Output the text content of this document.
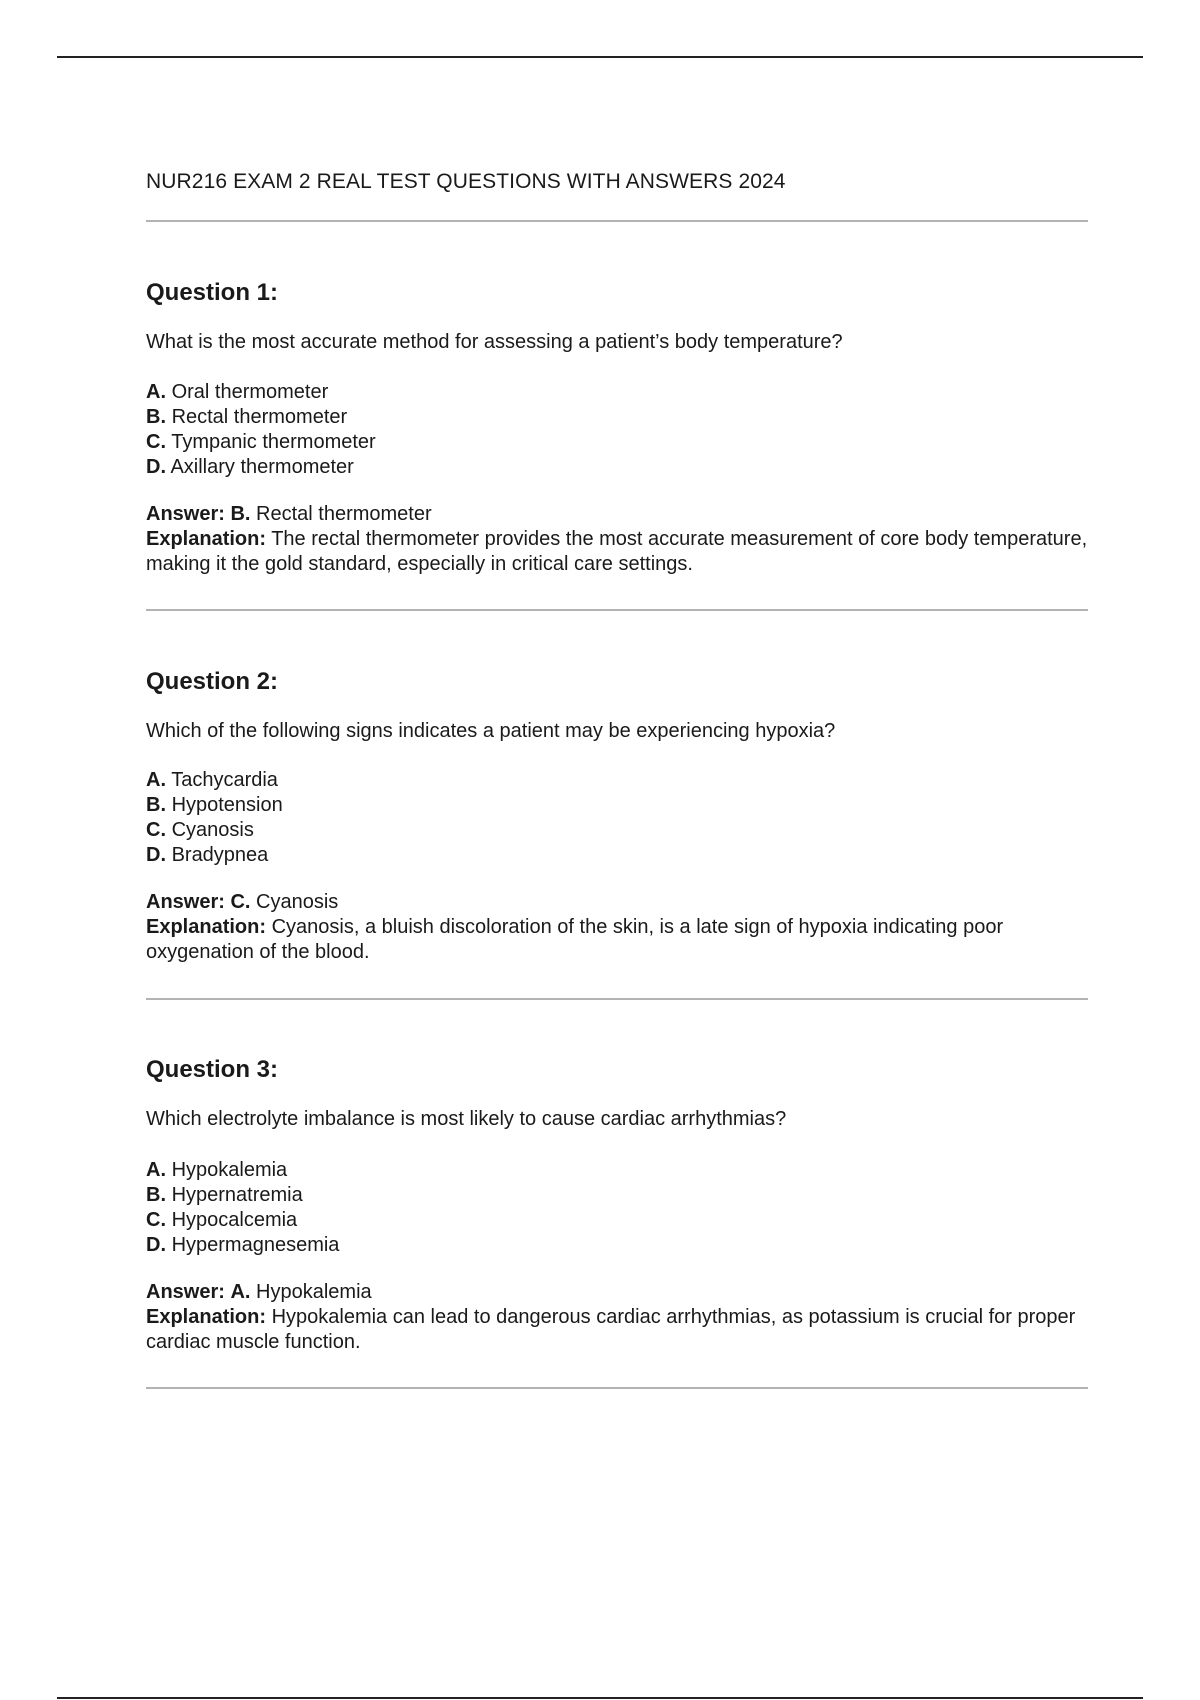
NUR216 EXAM 2 REAL TEST QUESTIONS WITH ANSWERS 2024
Question 1:
What is the most accurate method for assessing a patient’s body temperature?
A. Oral thermometer
B. Rectal thermometer
C. Tympanic thermometer
D. Axillary thermometer
Answer: B. Rectal thermometer
Explanation: The rectal thermometer provides the most accurate measurement of core body temperature, making it the gold standard, especially in critical care settings.
Question 2:
Which of the following signs indicates a patient may be experiencing hypoxia?
A. Tachycardia
B. Hypotension
C. Cyanosis
D. Bradypnea
Answer: C. Cyanosis
Explanation: Cyanosis, a bluish discoloration of the skin, is a late sign of hypoxia indicating poor oxygenation of the blood.
Question 3:
Which electrolyte imbalance is most likely to cause cardiac arrhythmias?
A. Hypokalemia
B. Hypernatremia
C. Hypocalcemia
D. Hypermagnesemia
Answer: A. Hypokalemia
Explanation: Hypokalemia can lead to dangerous cardiac arrhythmias, as potassium is crucial for proper cardiac muscle function.
